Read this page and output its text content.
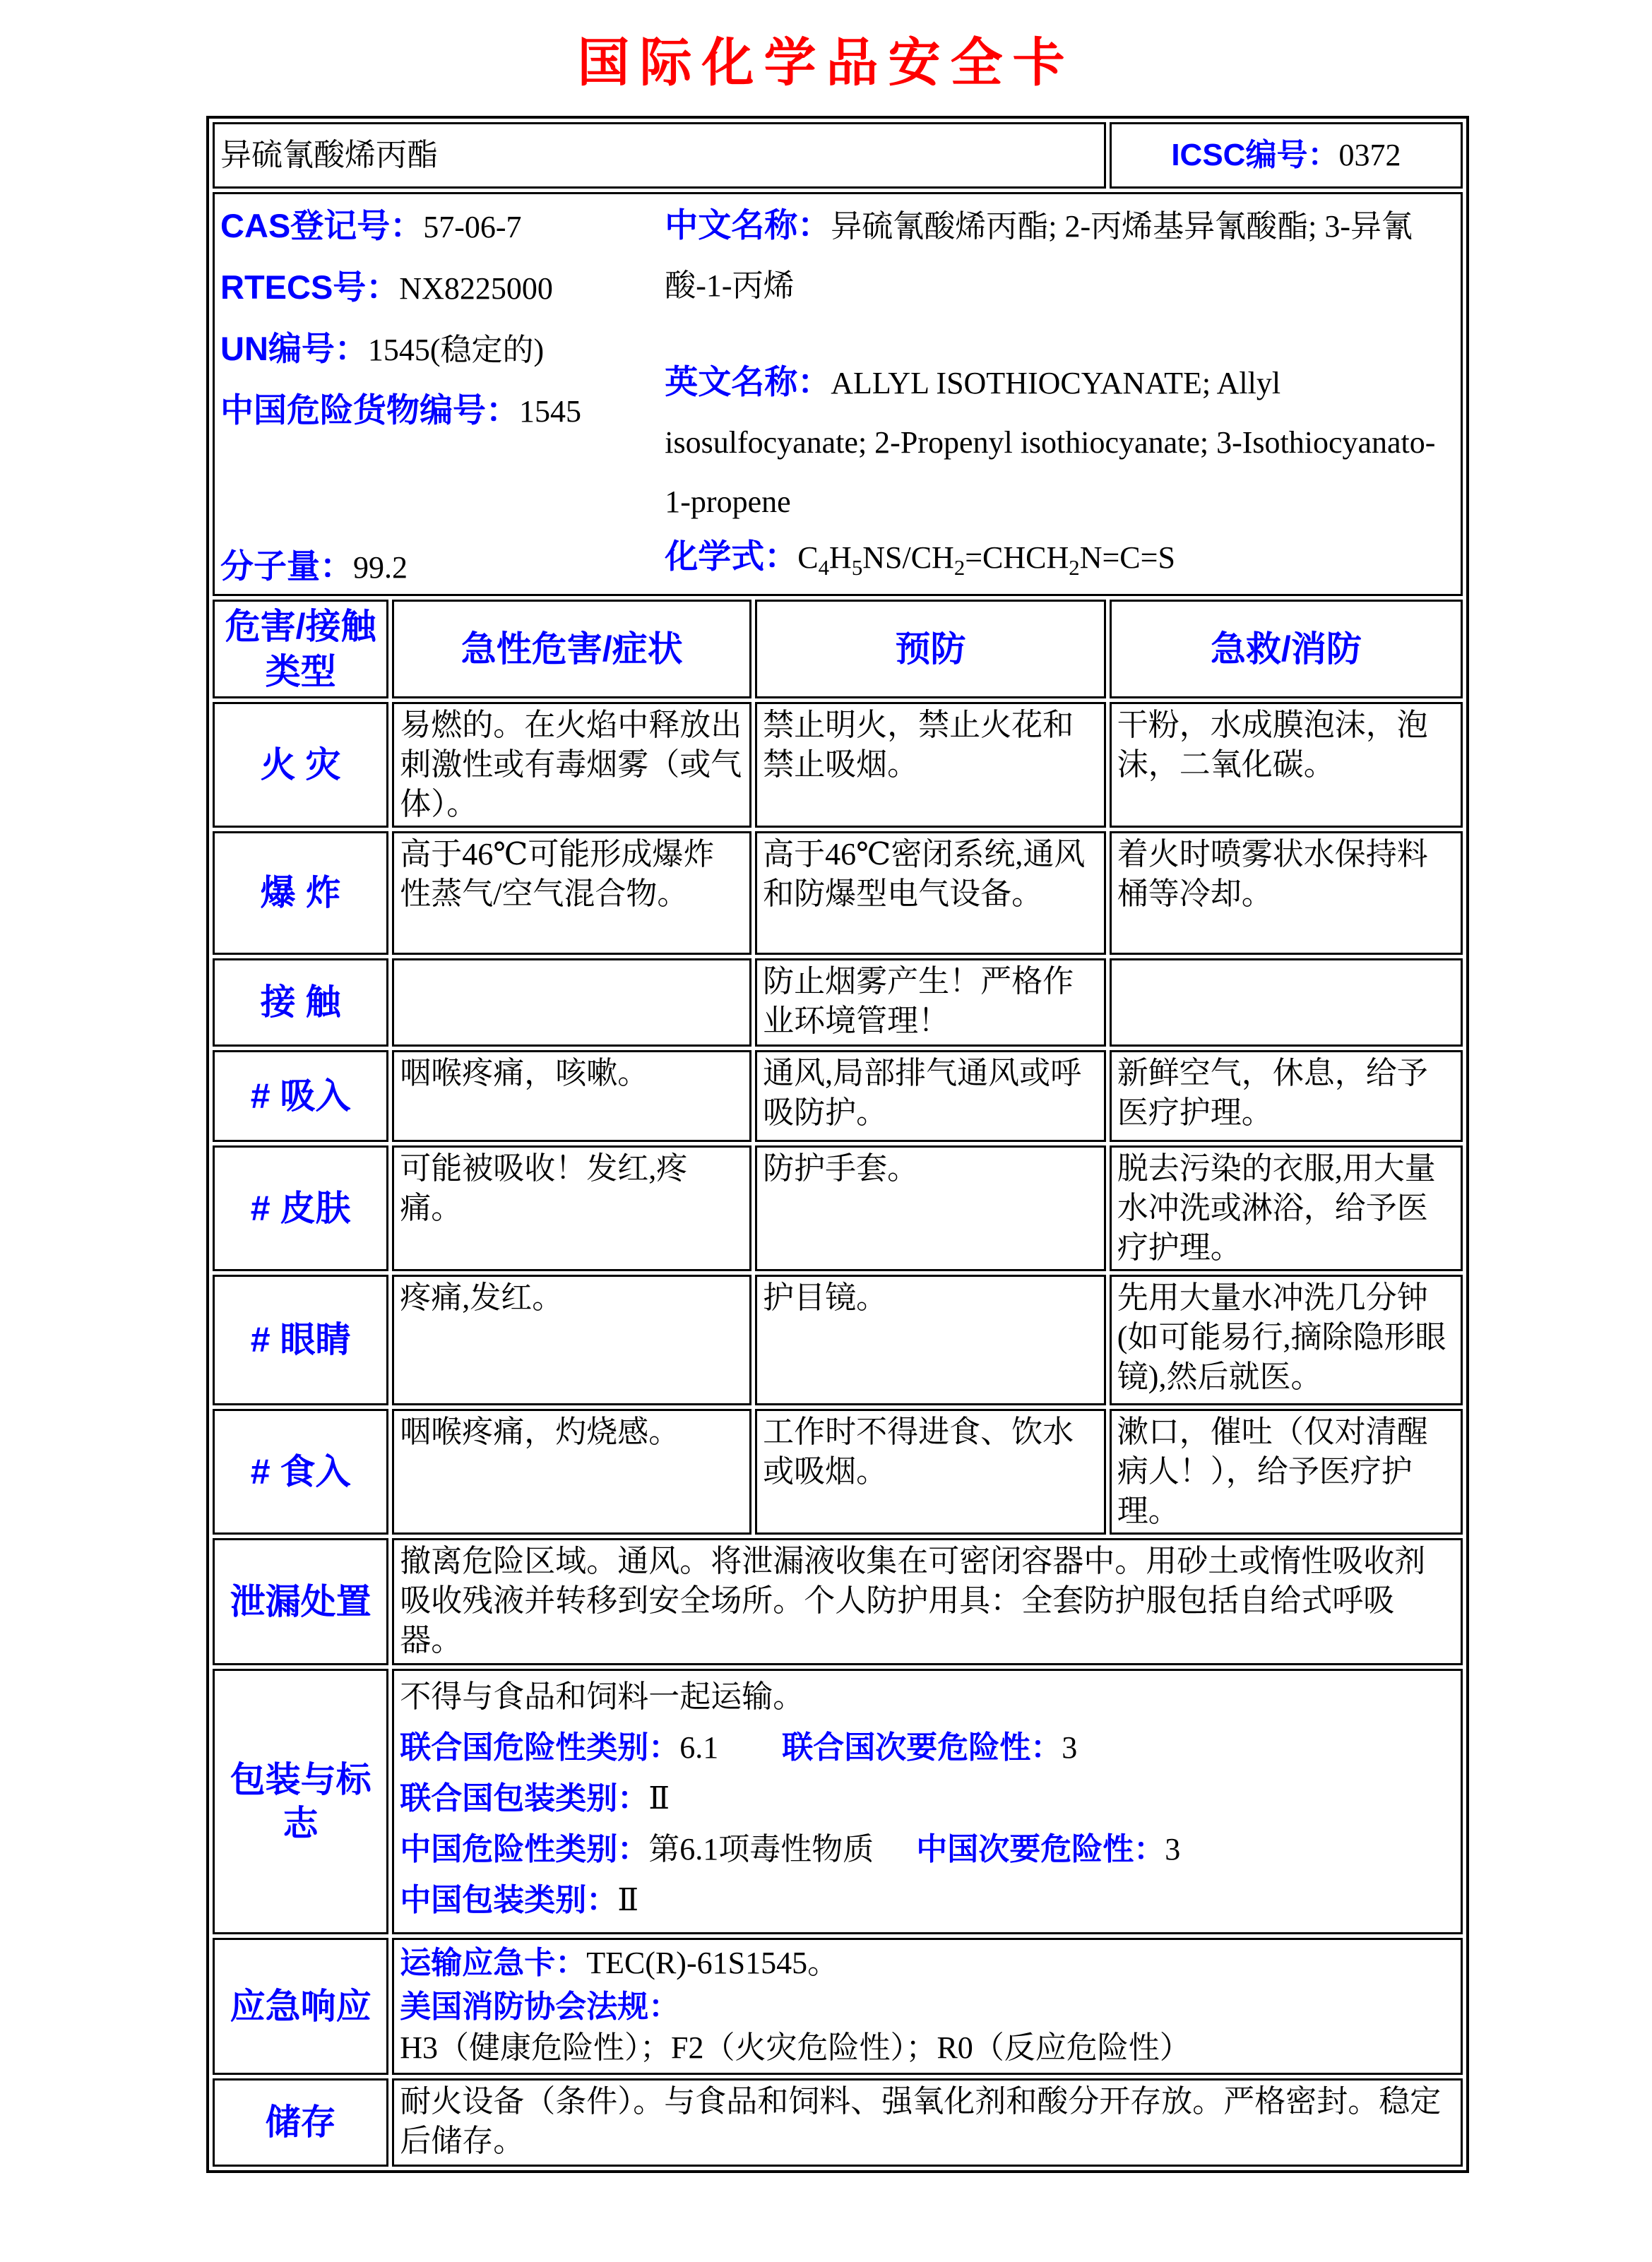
国际化学品安全卡
异硫氰酸烯丙酯			ICSC编号：0372

CAS登记号：57-06-7
RTECS号：NX8225000
UN编号：1545(稳定的)
中国危险货物编号：1545
分子量：99.2
中文名称：异硫氰酸烯丙酯; 2-丙烯基异氰酸酯; 3-异氰酸-1-丙烯
英文名称：ALLYL ISOTHIOCYANATE; Allyl isosulfocyanate; 2-Propenyl isothiocyanate; 3-Isothiocyanato-1-propene
化学式：$C_4H_5NS/CH_2=CHCH_2N=C=S$

危害/接触
类型	急性危害/症状	预防	急救/消防
火 灾	易燃的。在火焰中释放出刺激性或有毒烟雾（或气体）。	禁止明火，禁止火花和禁止吸烟。	干粉，水成膜泡沫，泡沫，二氧化碳。
爆 炸	高于46℃可能形成爆炸性蒸气/空气混合物。	高于46℃密闭系统,通风和防爆型电气设备。	着火时喷雾状水保持料桶等冷却。
接 触		防止烟雾产生！严格作业环境管理！	
# 吸入	咽喉疼痛，咳嗽。	通风,局部排气通风或呼吸防护。	新鲜空气，休息，给予医疗护理。
# 皮肤	可能被吸收！发红,疼痛。	防护手套。	脱去污染的衣服,用大量水冲洗或淋浴，给予医疗护理。
# 眼睛	疼痛,发红。	护目镜。	先用大量水冲洗几分钟(如可能易行,摘除隐形眼镜),然后就医。
# 食入	咽喉疼痛，灼烧感。	工作时不得进食、饮水或吸烟。	漱口，催吐（仅对清醒病人！），给予医疗护理。
泄漏处置	撤离危险区域。通风。将泄漏液收集在可密闭容器中。用砂土或惰性吸收剂吸收残液并转移到安全场所。个人防护用具：全套防护服包括自给式呼吸器。		
包装与标志	不得与食品和饲料一起运输。
联合国危险性类别：6.1 联合国次要危险性：3
联合国包装类别：Ⅱ
中国危险性类别：第6.1项毒性物质 中国次要危险性：3
中国包装类别：Ⅱ		

应急响应	运输应急卡：TEC(R)-61S1545。
美国消防协会法规：H3（健康危险性）；F2（火灾危险性）；R0（反应危险性）		

储存	耐火设备（条件）。与食品和饲料、强氧化剂和酸分开存放。严格密封。稳定后储存。		
